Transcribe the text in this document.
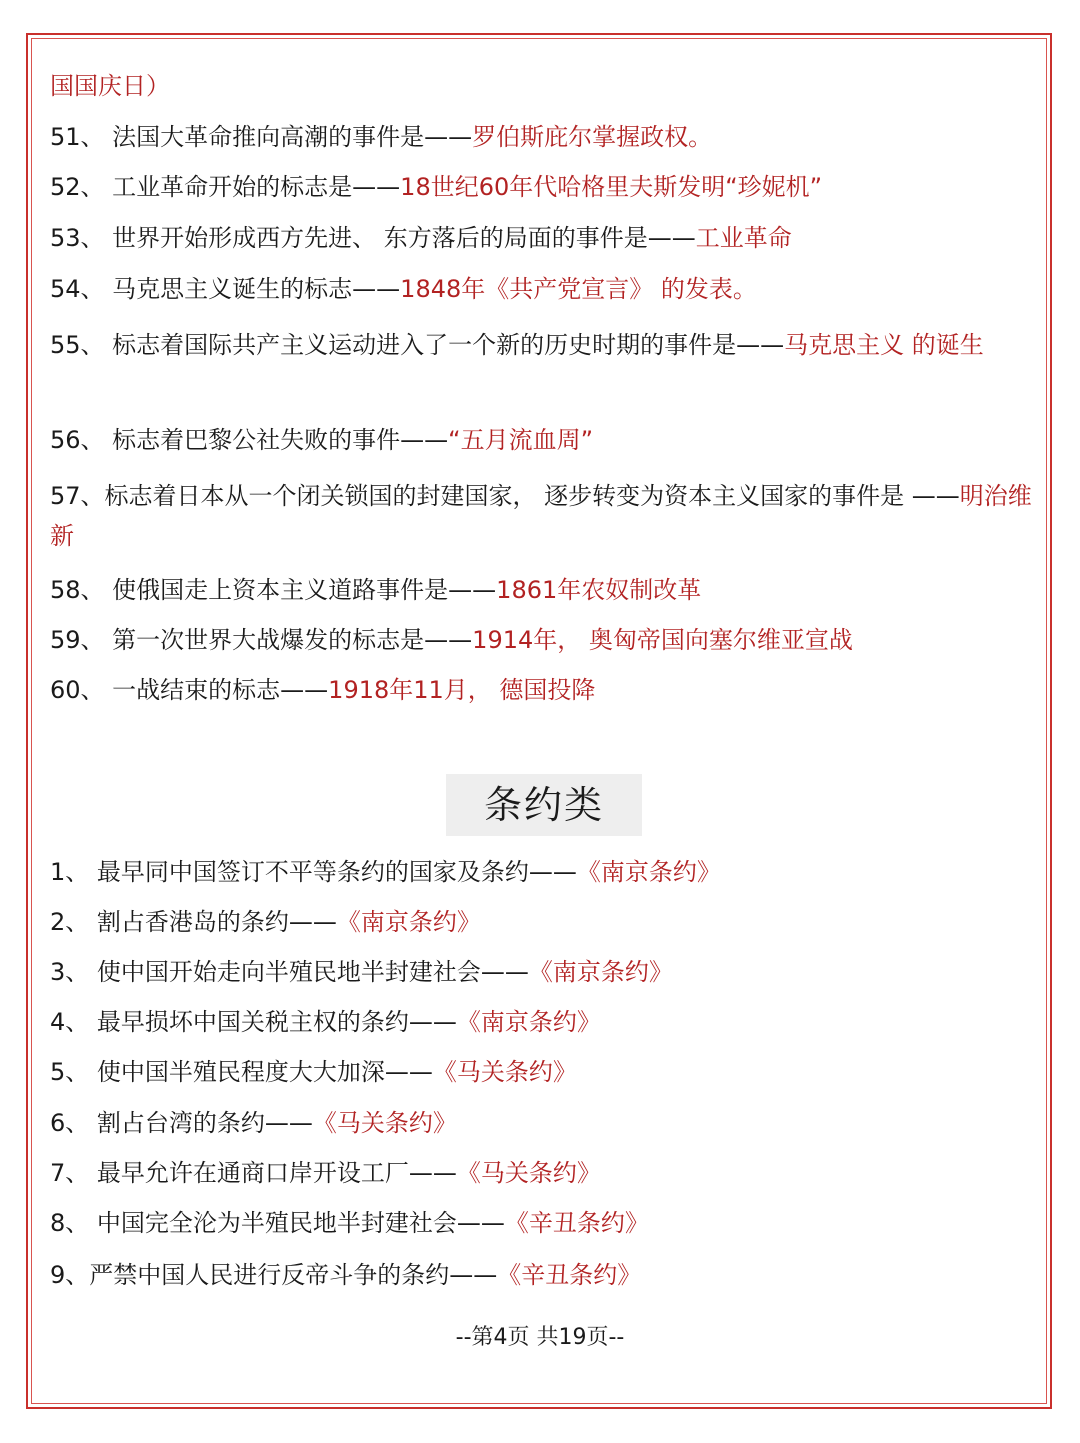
国国庆日）
51、 法国大革命推向高潮的事件是——罗伯斯庇尔掌握政权。
52、 工业革命开始的标志是——18世纪60年代哈格里夫斯发明“珍妮机”
53、 世界开始形成西方先进、 东方落后的局面的事件是——工业革命
54、 马克思主义诞生的标志——1848年《共产党宣言》 的发表。
55、 标志着国际共产主义运动进入了一个新的历史时期的事件是——马克思主义 的诞生
56、 标志着巴黎公社失败的事件——“五月流血周”
57、标志着日本从一个闭关锁国的封建国家， 逐步转变为资本主义国家的事件是 ——明治维新
58、 使俄国走上资本主义道路事件是——1861年农奴制改革
59、 第一次世界大战爆发的标志是——1914年， 奥匈帝国向塞尔维亚宣战
60、 一战结束的标志——1918年11月， 德国投降
1、 最早同中国签订不平等条约的国家及条约——《南京条约》
2、 割占香港岛的条约——《南京条约》
3、 使中国开始走向半殖民地半封建社会——《南京条约》
4、 最早损坏中国关税主权的条约——《南京条约》
5、 使中国半殖民程度大大加深——《马关条约》
6、 割占台湾的条约——《马关条约》
7、 最早允许在通商口岸开设工厂——《马关条约》
8、 中国完全沦为半殖民地半封建社会——《辛丑条约》
9、严禁中国人民进行反帝斗争的条约——《辛丑条约》
条约类
--第4页 共19页--
